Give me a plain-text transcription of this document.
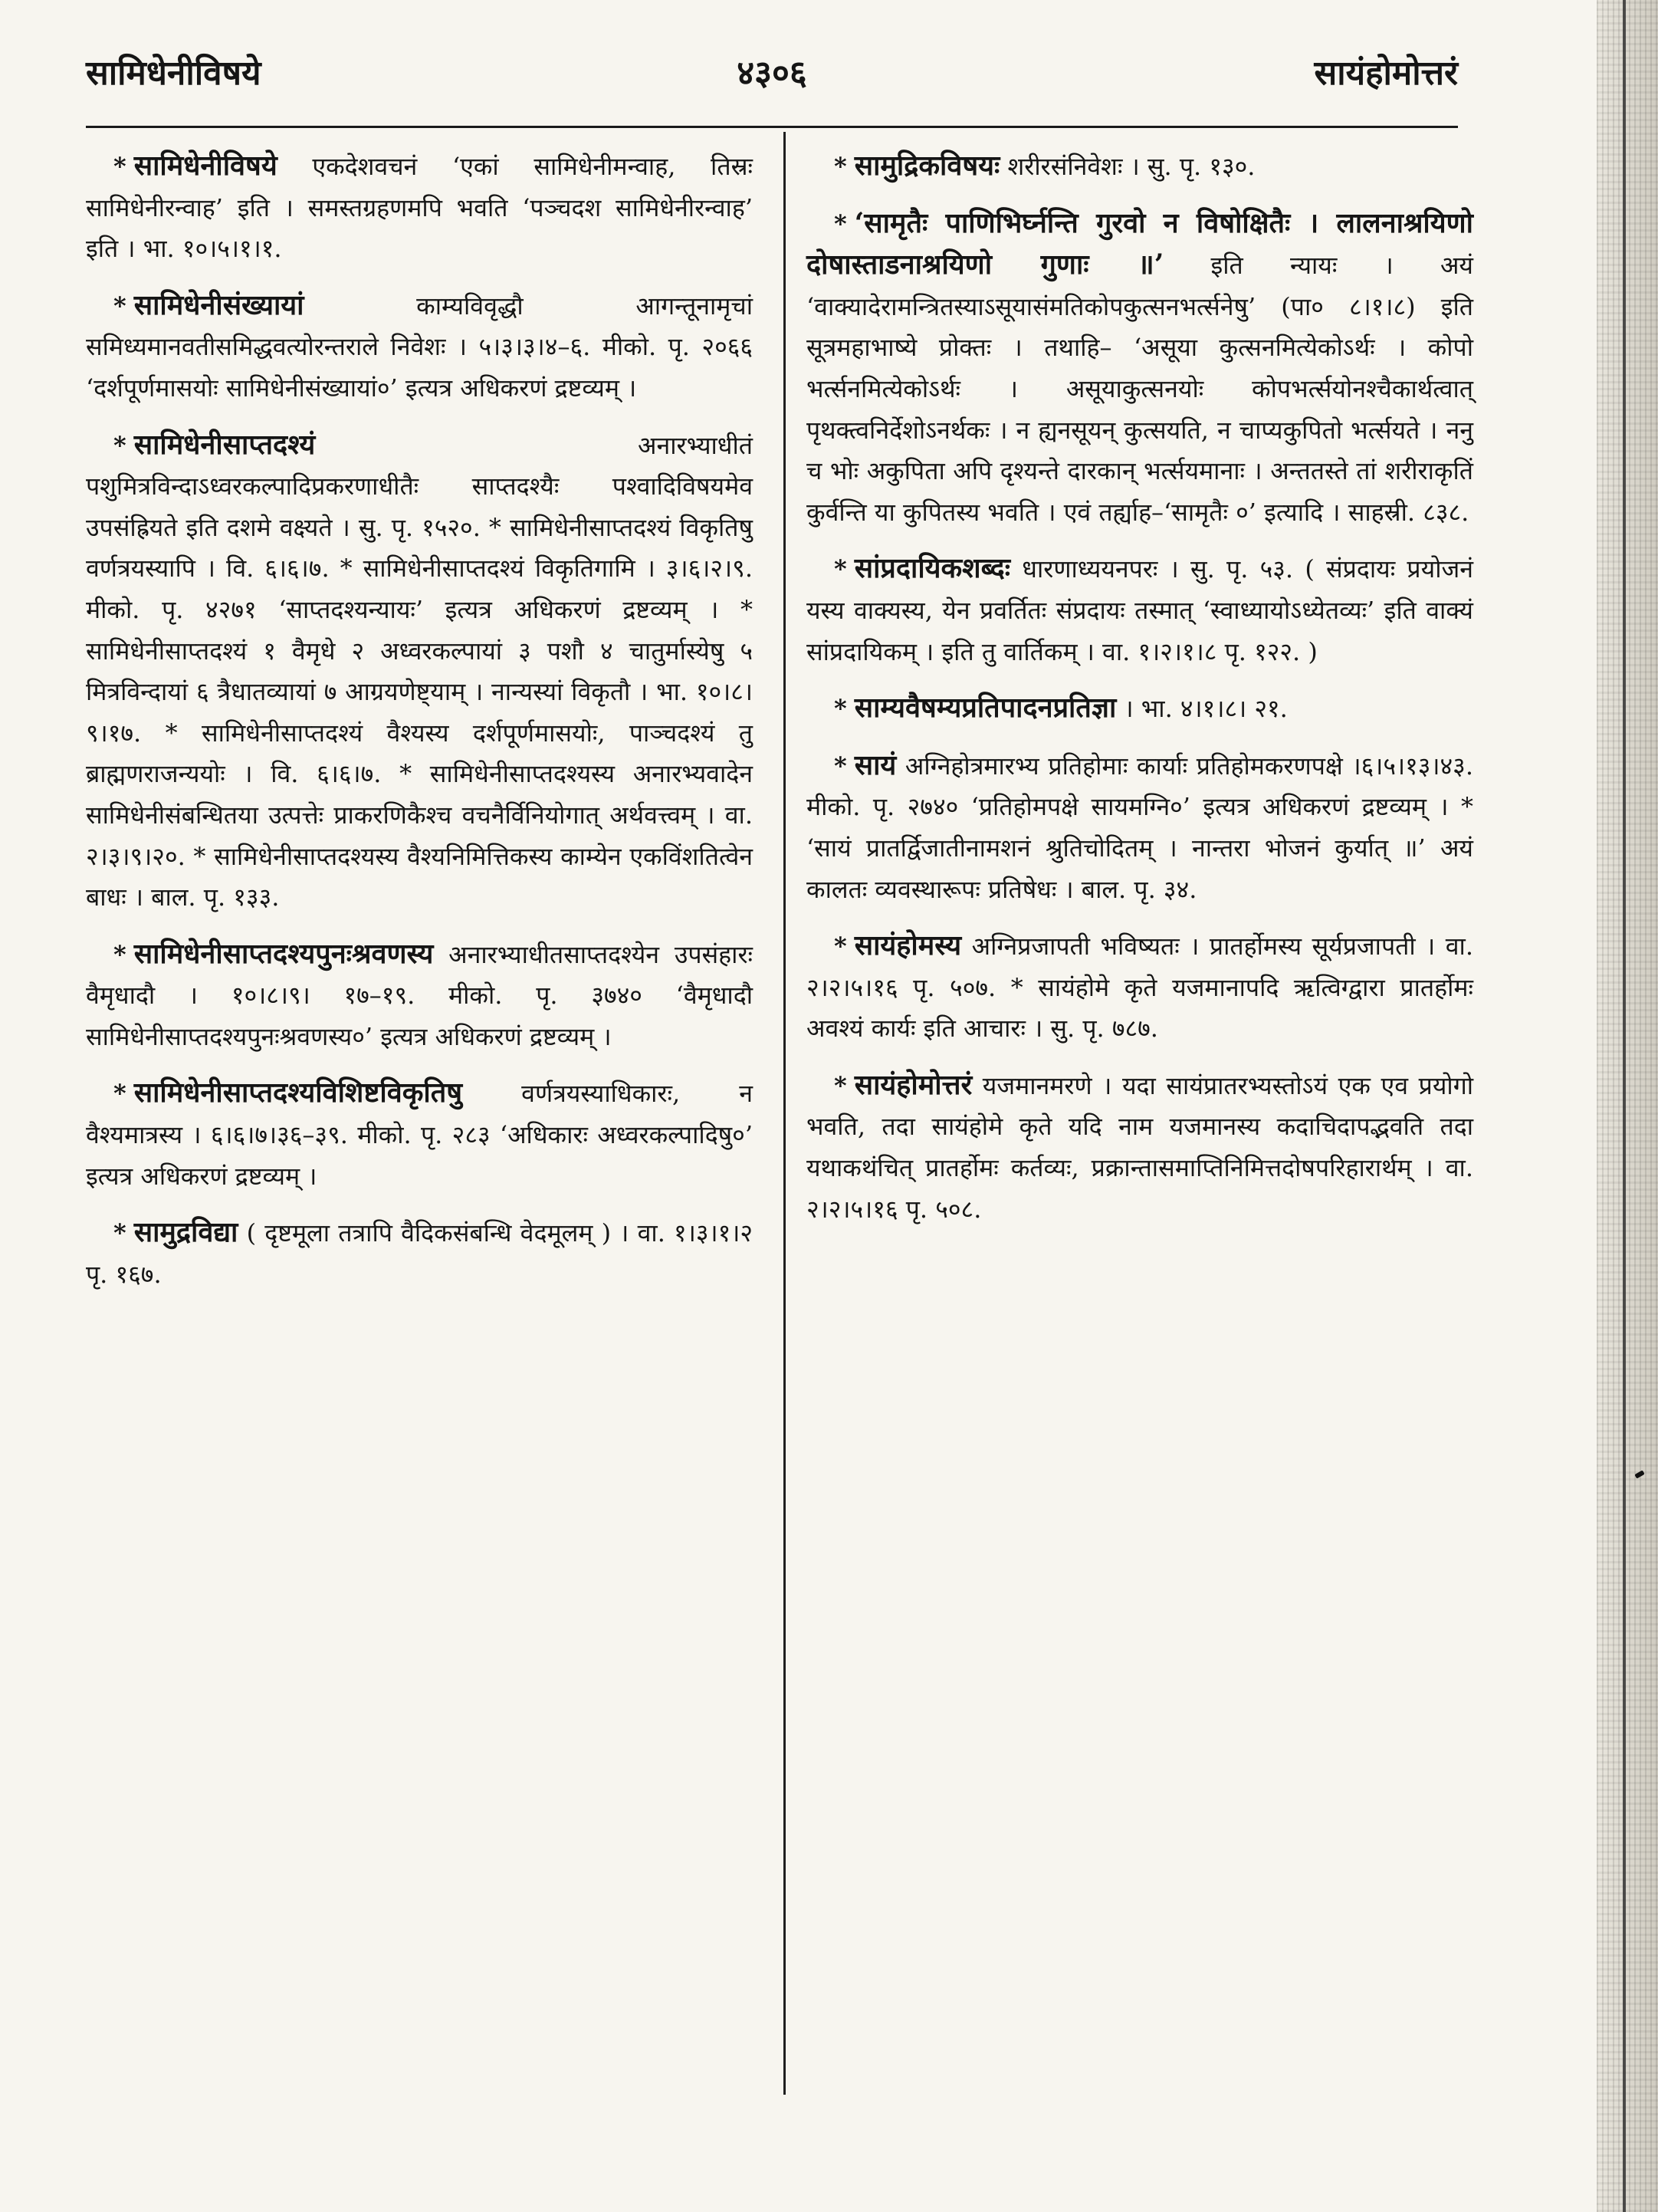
सामिधेनीविषये	४३०६	सायंहोमोत्तरं

* सामिधेनीविषये एकदेशवचनं ‘एकां सामिधेनीमन्वाह, तिस्रः सामिधेनीरन्वाह’ इति । समस्तग्रहणमपि भवति ‘पञ्चदश सामिधेनीरन्वाह’ इति । भा. १०।५।१।१.

* सामिधेनीसंख्यायां काम्यविवृद्धौ आगन्तूनामृचां समिध्यमानवतीसमिद्धवत्योरन्तराले निवेशः । ५।३।३।४–६. मीको. पृ. २०६६ ‘दर्शपूर्णमासयोः सामिधेनीसंख्यायां०’ इत्यत्र अधिकरणं द्रष्टव्यम् ।

* सामिधेनीसाप्तदश्यं अनारभ्याधीतं पशुमित्रविन्दाऽध्वरकल्पादिप्रकरणाधीतैः साप्तदश्यैः पश्वादिविषयमेव उपसंह्रियते इति दशमे वक्ष्यते । सु. पृ. १५२०. * सामिधेनीसाप्तदश्यं विकृतिषु वर्णत्रयस्यापि । वि. ६।६।७. * सामिधेनीसाप्तदश्यं विकृतिगामि । ३।६।२।९. मीको. पृ. ४२७१ ‘साप्तदश्यन्यायः’ इत्यत्र अधिकरणं द्रष्टव्यम् । * सामिधेनीसाप्तदश्यं १ वैमृधे २ अध्वरकल्पायां ३ पशौ ४ चातुर्मास्येषु ५ मित्रविन्दायां ६ त्रैधातव्यायां ७ आग्रयणेष्ट्याम् । नान्यस्यां विकृतौ । भा. १०।८।९।१७. * सामिधेनीसाप्तदश्यं वैश्यस्य दर्शपूर्णमासयोः, पाञ्चदश्यं तु ब्राह्मणराजन्ययोः । वि. ६।६।७. * सामिधेनीसाप्तदश्यस्य अनारभ्यवादेन सामिधेनीसंबन्धितया उत्पत्तेः प्राकरणिकैश्च वचनैर्विनियोगात् अर्थवत्त्वम् । वा. २।३।९।२०. * सामिधेनीसाप्तदश्यस्य वैश्यनिमित्तिकस्य काम्येन एकविंशतित्वेन बाधः । बाल. पृ. १३३.

* सामिधेनीसाप्तदश्यपुनःश्रवणस्य अनारभ्याधीतसाप्तदश्येन उपसंहारः वैमृधादौ । १०।८।९। १७–१९. मीको. पृ. ३७४० ‘वैमृधादौ सामिधेनीसाप्तदश्यपुनःश्रवणस्य०’ इत्यत्र अधिकरणं द्रष्टव्यम् ।

* सामिधेनीसाप्तदश्यविशिष्टविकृतिषु वर्णत्रयस्याधिकारः, न वैश्यमात्रस्य । ६।६।७।३६–३९. मीको. पृ. २८३ ‘अधिकारः अध्वरकल्पादिषु०’ इत्यत्र अधिकरणं द्रष्टव्यम् ।

* सामुद्रविद्या ( दृष्टमूला तत्रापि वैदिकसंबन्धि वेदमूलम् ) । वा. १।३।१।२ पृ. १६७.

* सामुद्रिकविषयः शरीरसंनिवेशः । सु. पृ. १३०.

* ‘सामृतैः पाणिभिर्घ्नन्ति गुरवो न विषोक्षितैः । लालनाश्रयिणो दोषास्ताडनाश्रयिणो गुणाः ॥’ इति न्यायः । अयं ‘वाक्यादेरामन्त्रितस्याऽसूयासंमतिकोपकुत्सनभर्त्सनेषु’ (पा० ८।१।८) इति सूत्रमहाभाष्ये प्रोक्तः । तथाहि– ‘असूया कुत्सनमित्येकोऽर्थः । कोपो भर्त्सनमित्येकोऽर्थः । असूयाकुत्सनयोः कोपभर्त्सयोनश्चैकार्थत्वात् पृथक्त्वनिर्देशोऽनर्थकः । न ह्यनसूयन् कुत्सयति, न चाप्यकुपितो भर्त्सयते । ननु च भोः अकुपिता अपि दृश्यन्ते दारकान् भर्त्सयमानाः । अन्ततस्ते तां शरीराकृतिं कुर्वन्ति या कुपितस्य भवति । एवं तर्ह्याह–‘सामृतैः ०’ इत्यादि । साहस्री. ८३८.

* सांप्रदायिकशब्दः धारणाध्ययनपरः । सु. पृ. ५३. ( संप्रदायः प्रयोजनं यस्य वाक्यस्य, येन प्रवर्तितः संप्रदायः तस्मात् ‘स्वाध्यायोऽध्येतव्यः’ इति वाक्यं सांप्रदायिकम् । इति तु वार्तिकम् । वा. १।२।१।८ पृ. १२२. )

* साम्यवैषम्यप्रतिपादनप्रतिज्ञा । भा. ४।१।८। २१.

* सायं अग्निहोत्रमारभ्य प्रतिहोमाः कार्याः प्रतिहोमकरणपक्षे ।६।५।१३।४३. मीको. पृ. २७४० ‘प्रतिहोमपक्षे सायमग्नि०’ इत्यत्र अधिकरणं द्रष्टव्यम् । * ‘सायं प्रातर्द्विजातीनामशनं श्रुतिचोदितम् । नान्तरा भोजनं कुर्यात् ॥’ अयं कालतः व्यवस्थारूपः प्रतिषेधः । बाल. पृ. ३४.

* सायंहोमस्य अग्निप्रजापती भविष्यतः । प्रातर्होमस्य सूर्यप्रजापती । वा. २।२।५।१६ पृ. ५०७. * सायंहोमे कृते यजमानापदि ऋत्विग्द्वारा प्रातर्होमः अवश्यं कार्यः इति आचारः । सु. पृ. ७८७.

* सायंहोमोत्तरं यजमानमरणे । यदा सायंप्रातरभ्यस्तोऽयं एक एव प्रयोगो भवति, तदा सायंहोमे कृते यदि नाम यजमानस्य कदाचिदापद्भवति तदा यथाकथंचित् प्रातर्होमः कर्तव्यः, प्रक्रान्तासमाप्तिनिमित्तदोषपरिहारार्थम् । वा. २।२।५।१६ पृ. ५०८.
